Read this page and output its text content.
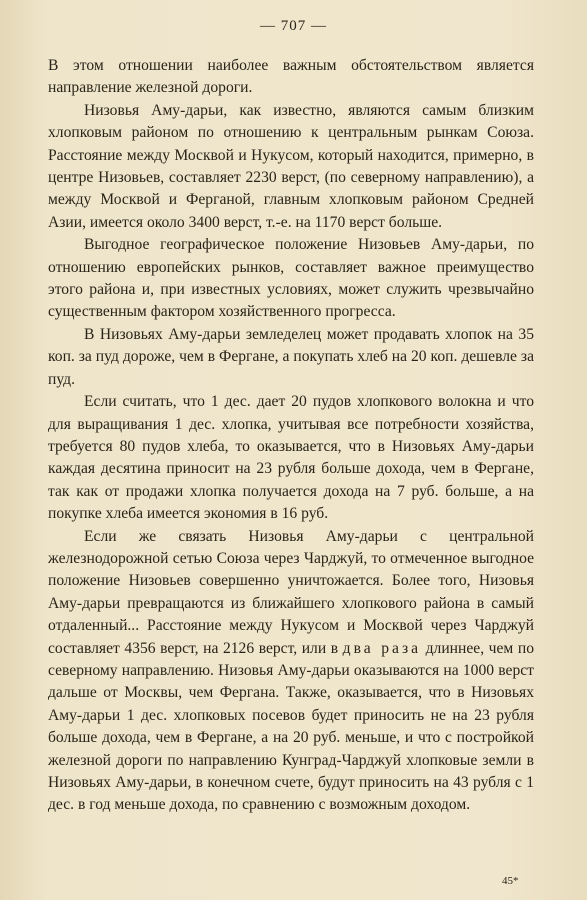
— 707 —

В этом отношении наиболее важным обстоятельством является направление железной дороги.

Низовья Аму-дарьи, как известно, являются самым близким хлопковым районом по отношению к центральным рынкам Союза. Расстояние между Москвой и Нукусом, который находится, примерно, в центре Низовьев, составляет 2230 верст, (по северному направлению), а между Москвой и Ферганой, главным хлопковым районом Средней Азии, имеется около 3400 верст, т.-е. на 1170 верст больше.

Выгодное географическое положение Низовьев Аму-дарьи, по отношению европейских рынков, составляет важное преимущество этого района и, при известных условиях, может служить чрезвычайно существенным фактором хозяйственного прогресса.

В Низовьях Аму-дарьи земледелец может продавать хлопок на 35 коп. за пуд дороже, чем в Фергане, а покупать хлеб на 20 коп. дешевле за пуд.

Если считать, что 1 дес. дает 20 пудов хлопкового волокна и что для выращивания 1 дес. хлопка, учитывая все потребности хозяйства, требуется 80 пудов хлеба, то оказывается, что в Низовьях Аму-дарьи каждая десятина приносит на 23 рубля больше дохода, чем в Фергане, так как от продажи хлопка получается дохода на 7 руб. больше, а на покупке хлеба имеется экономия в 16 руб.

Если же связать Низовья Аму-дарьи с центральной железнодорожной сетью Союза через Чарджуй, то отмеченное выгодное положение Низовьев совершенно уничтожается. Более того, Низовья Аму-дарьи превращаются из ближайшего хлопкового района в самый отдаленный... Расстояние между Нукусом и Москвой через Чарджуй составляет 4356 верст, на 2126 верст, или в два раза длиннее, чем по северному направлению. Низовья Аму-дарьи оказываются на 1000 верст дальше от Москвы, чем Фергана. Также, оказывается, что в Низовьях Аму-дарьи 1 дес. хлопковых посевов будет приносить не на 23 рубля больше дохода, чем в Фергане, а на 20 руб. меньше, и что с постройкой железной дороги по направлению Кунград-Чарджуй хлопковые земли в Низовьях Аму-дарьи, в конечном счете, будут приносить на 43 рубля с 1 дес. в год меньше дохода, по сравнению с возможным доходом.

45*
